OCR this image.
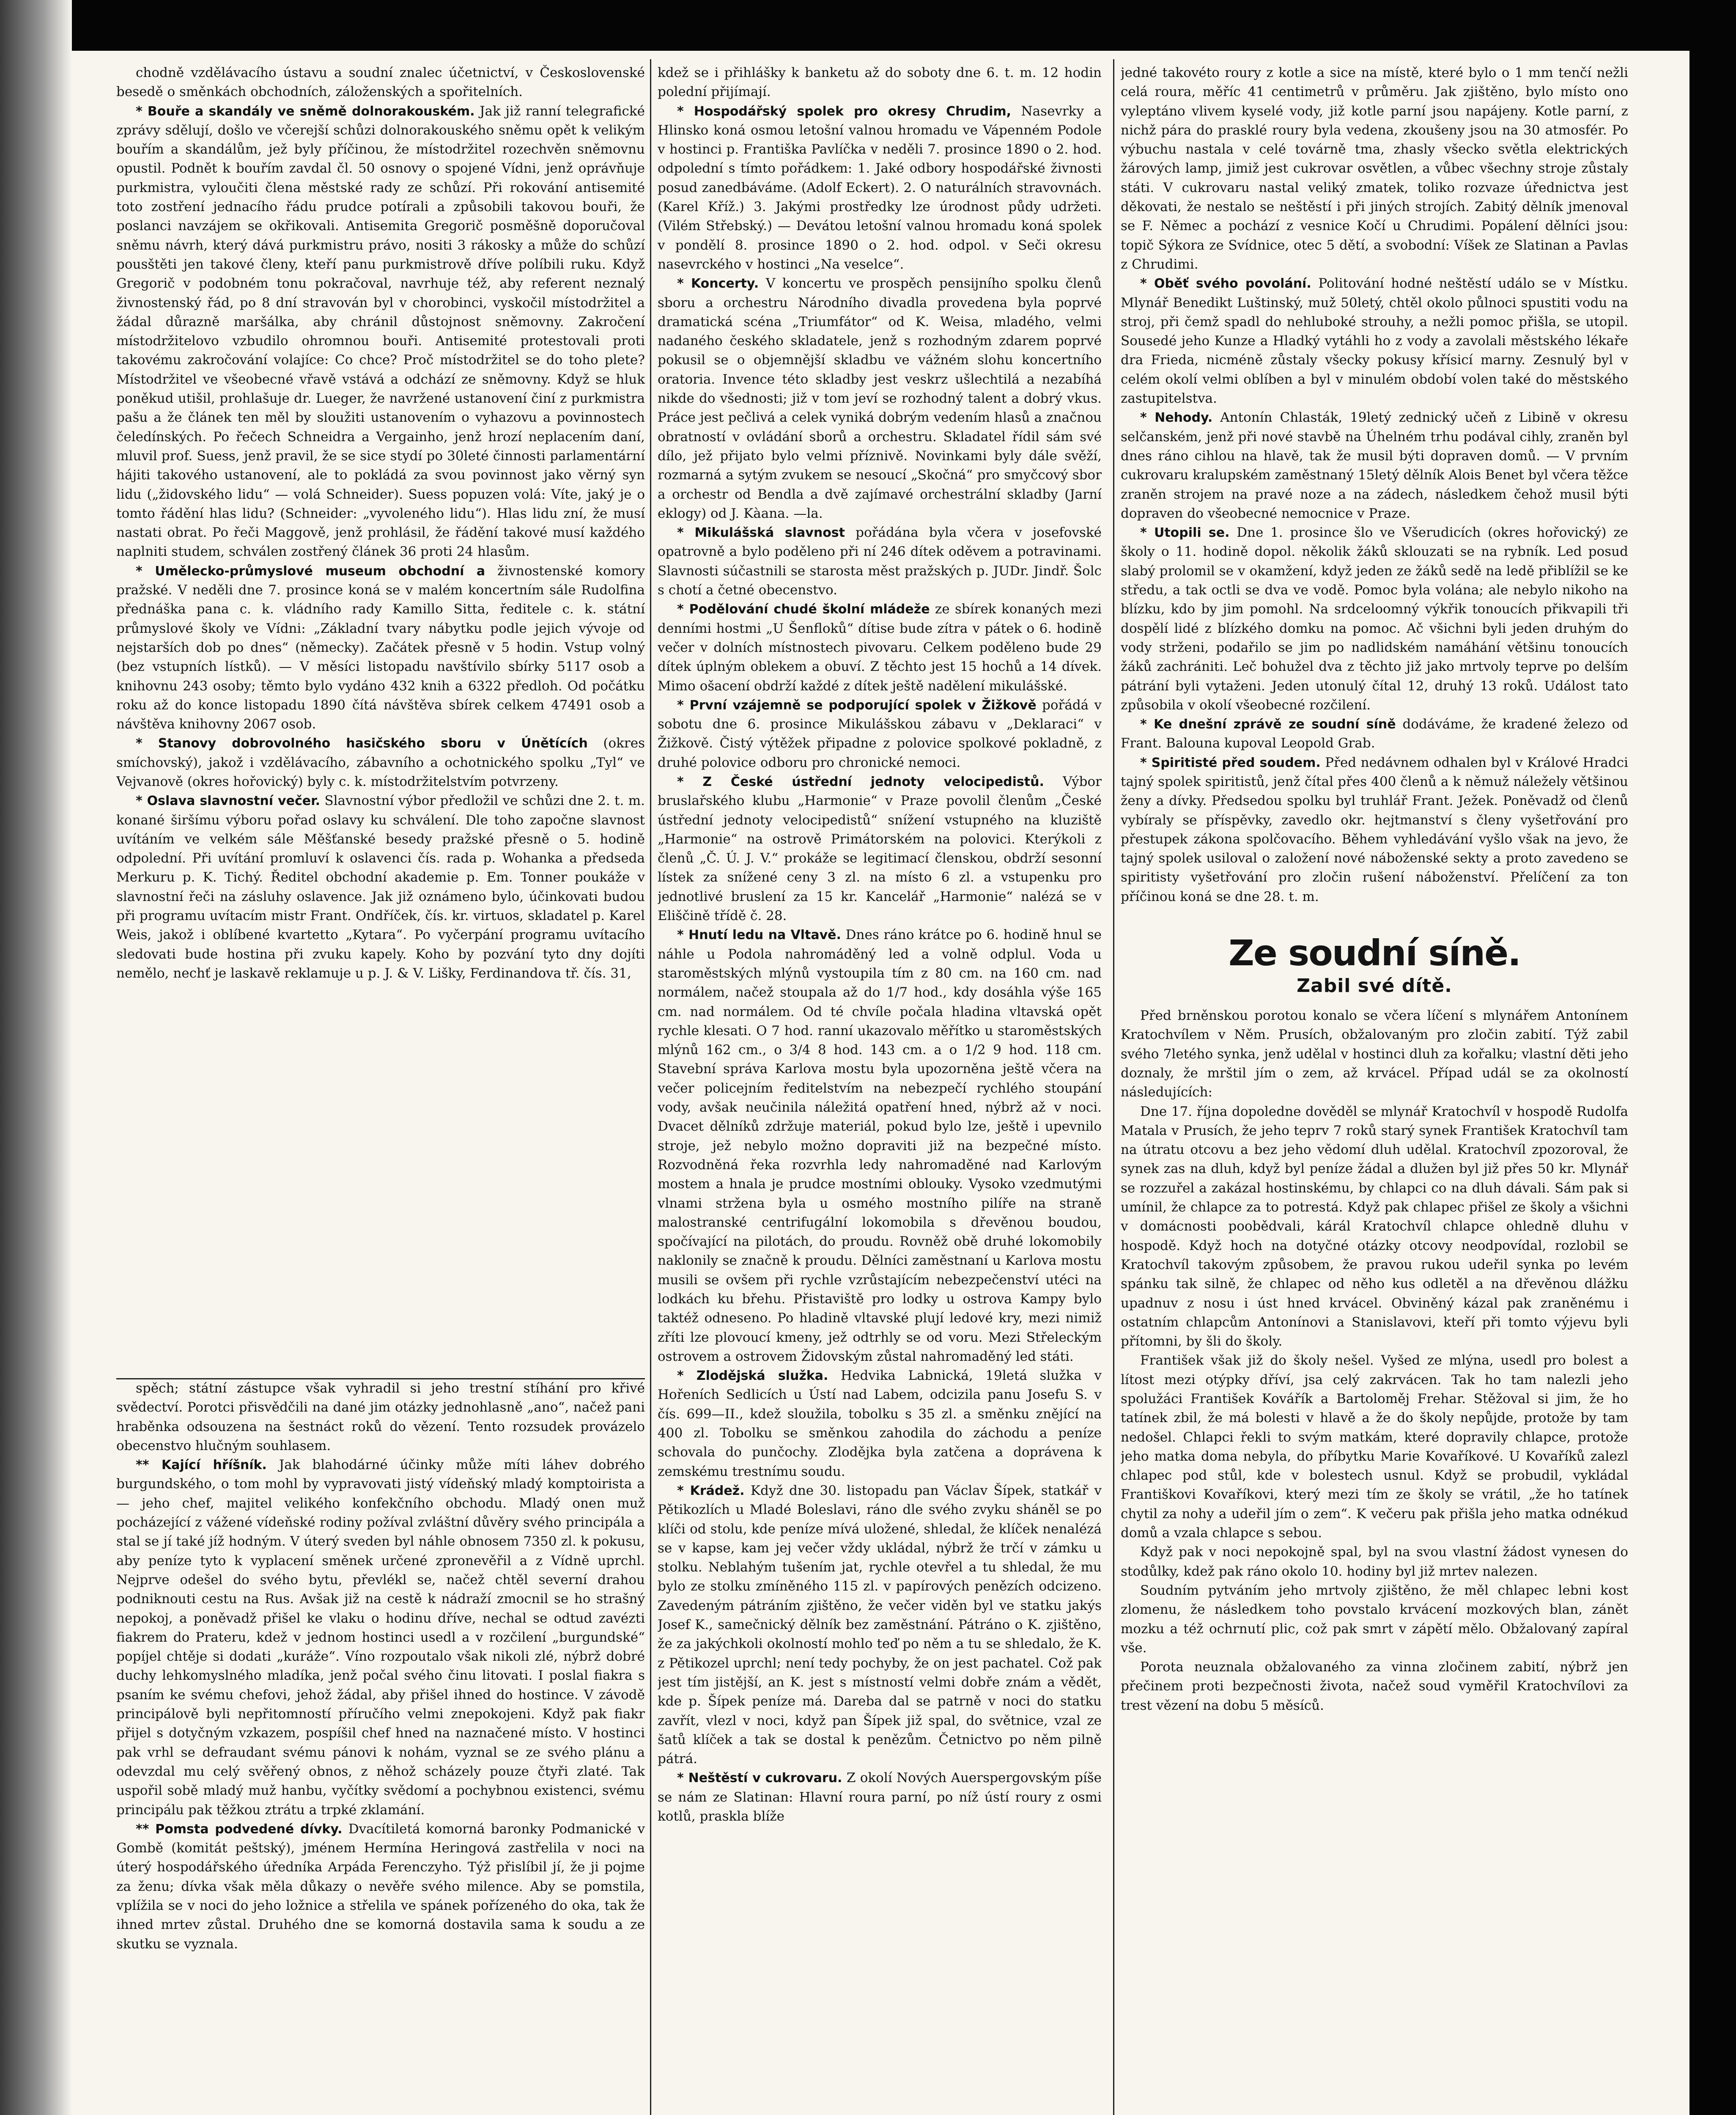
chodně vzdělávacího ústavu a soudní znalec účetnictví, v Československé besedě o směnkách obchodních, záloženských a spořitelních.

* Bouře a skandály ve sněmě dolnorakouském. Jak již ranní telegrafické zprávy sdělují, došlo ve včerejší schůzi dolnorakouského sněmu opět k velikým bouřím a skandálům, jež byly příčinou, že místodržitel rozechvěn sněmovnu opustil. Podnět k bouřím zavdal čl. 50 osnovy o spojené Vídni, jenž oprávňuje purkmistra, vyloučiti člena městské rady ze schůzí. Při rokování antisemité toto zostření jednacího řádu prudce potírali a způsobili takovou bouři, že poslanci navzájem se okřikovali. Antisemita Gregorič posměšně doporučoval sněmu návrh, který dává purkmistru právo, nositi 3 rákosky a může do schůzí pousštěti jen takové členy, kteří panu purkmistrově dříve políbili ruku. Když Gregorič v podobném tonu pokračoval, navrhuje též, aby referent neznalý živnostenský řád, po 8 dní stravován byl v chorobinci, vyskočil místodržitel a žádal důrazně maršálka, aby chránil důstojnost sněmovny. Zakročení místodržitelovo vzbudilo ohromnou bouři. Antisemité protestovali proti takovému zakročování volajíce: Co chce? Proč místodržitel se do toho plete? Místodržitel ve všeobecné vřavě vstává a odchází ze sněmovny. Když se hluk poněkud utišil, prohlašuje dr. Lueger, že navržené ustanovení činí z purkmistra pašu a že článek ten měl by sloužiti ustanovením o vyhazovu a povinnostech čeledínských. Po řečech Schneidra a Vergainho, jenž hrozí neplacením daní, mluvil prof. Suess, jenž pravil, že se sice stydí po 30leté činnosti parlamentární hájiti takového ustanovení, ale to pokládá za svou povinnost jako věrný syn lidu („židovského lidu“ — volá Schneider). Suess popuzen volá: Víte, jaký je o tomto řádění hlas lidu? (Schneider: „vyvoleného lidu“). Hlas lidu zní, že musí nastati obrat. Po řeči Maggově, jenž prohlásil, že řádění takové musí každého naplniti studem, schválen zostřený článek 36 proti 24 hlasům.

* Umělecko-průmyslové museum obchodní a živnostenské komory pražské. V neděli dne 7. prosince koná se v malém koncertním sále Rudolfina přednáška pana c. k. vládního rady Kamillo Sitta, ředitele c. k. státní průmyslové školy ve Vídni: „Základní tvary nábytku podle jejich vývoje od nejstarších dob po dnes“ (německy). Začátek přesně v 5 hodin. Vstup volný (bez vstupních lístků). — V měsíci listopadu navštívilo sbírky 5117 osob a knihovnu 243 osoby; těmto bylo vydáno 432 knih a 6322 předloh. Od počátku roku až do konce listopadu 1890 čítá návštěva sbírek celkem 47491 osob a návštěva knihovny 2067 osob.

* Stanovy dobrovolného hasičského sboru v Únětících (okres smíchovský), jakož i vzdělávacího, zábavního a ochotnického spolku „Tyl“ ve Vejvanově (okres hořovický) byly c. k. místodržitelstvím potvrzeny.

* Oslava slavnostní večer. Slavnostní výbor předložil ve schůzi dne 2. t. m. konané širšímu výboru pořad oslavy ku schválení. Dle toho započne slavnost uvítáním ve velkém sále Měšťanské besedy pražské přesně o 5. hodině odpolední. Při uvítání promluví k oslavenci čís. rada p. Wohanka a předseda Merkuru p. K. Tichý. Ředitel obchodní akademie p. Em. Tonner poukáže v slavnostní řeči na zásluhy oslavence. Jak již oznámeno bylo, účinkovati budou při programu uvítacím mistr Frant. Ondříček, čís. kr. virtuos, skladatel p. Karel Weis, jakož i oblíbené kvartetto „Kytara“. Po vyčerpání programu uvítacího sledovati bude hostina při zvuku kapely. Koho by pozvání tyto dny dojíti nemělo, nechť je laskavě reklamuje u p. J. & V. Lišky, Ferdinandova tř. čís. 31,

spěch; státní zástupce však vyhradil si jeho trestní stíhání pro křivé svědectví. Porotci přisvědčili na dané jim otázky jednohlasně „ano“, načež pani hraběnka odsouzena na šestnáct roků do vězení. Tento rozsudek provázelo obecenstvo hlučným souhlasem.

** Kající hříšník. Jak blahodárné účinky může míti láhev dobrého burgundského, o tom mohl by vypravovati jistý vídeňský mladý komptoirista a — jeho chef, majitel velikého konfekčního obchodu. Mladý onen muž pocházející z vážené vídeňské rodiny požíval zvláštní důvěry svého principála a stal se jí také jíž hodným. V úterý sveden byl náhle obnosem 7350 zl. k pokusu, aby peníze tyto k vyplacení směnek určené zpronevěřil a z Vídně uprchl. Nejprve odešel do svého bytu, převlékl se, načež chtěl severní drahou podniknouti cestu na Rus. Avšak již na cestě k nádraží zmocnil se ho strašný nepokoj, a poněvadž přišel ke vlaku o hodinu dříve, nechal se odtud zavézti fiakrem do Prateru, kdež v jednom hostinci usedl a v rozčilení „burgundské“ popíjel chtěje si dodati „kuráže“. Víno rozpoutalo však nikoli zlé, nýbrž dobré duchy lehkomyslného mladíka, jenž počal svého činu litovati. I poslal fiakra s psaním ke svému chefovi, jehož žádal, aby přišel ihned do hostince. V závodě principálově byli nepřitomností příručího velmi znepokojeni. Když pak fiakr přijel s dotyčným vzkazem, pospíšil chef hned na naznačené místo. V hostinci pak vrhl se defraudant svému pánovi k nohám, vyznal se ze svého plánu a odevzdal mu celý svěřený obnos, z něhož scházely pouze čtyři zlaté. Tak uspořil sobě mladý muž hanbu, vyčítky svědomí a pochybnou existenci, svému principálu pak těžkou ztrátu a trpké zklamání.

** Pomsta podvedené dívky. Dvacítiletá komorná baronky Podmanické v Gombě (komitát peštský), jménem Hermína Heringová zastřelila v noci na úterý hospodářského úředníka Arpáda Ferenczyho. Týž přislíbil jí, že ji pojme za ženu; dívka však měla důkazy o nevěře svého milence. Aby se pomstila, vplížila se v noci do jeho ložnice a střelila ve spánek pořízeného do oka, tak že ihned mrtev zůstal. Druhého dne se komorná dostavila sama k soudu a ze skutku se vyznala.

kdež se i přihlášky k banketu až do soboty dne 6. t. m. 12 hodin polední přijímají.

* Hospodářský spolek pro okresy Chrudim, Nasevrky a Hlinsko koná osmou letošní valnou hromadu ve Vápenném Podole v hostinci p. Františka Pavlíčka v neděli 7. prosince 1890 o 2. hod. odpolední s tímto pořádkem: 1. Jaké odbory hospodářské živnosti posud zanedbáváme. (Adolf Eckert). 2. O naturálních stravovnách. (Karel Kříž.) 3. Jakými prostředky lze úrodnost půdy udržeti. (Vilém Střebský.) — Devátou letošní valnou hromadu koná spolek v pondělí 8. prosince 1890 o 2. hod. odpol. v Seči okresu nasevrckého v hostinci „Na veselce“.

* Koncerty. V koncertu ve prospěch pensijního spolku členů sboru a orchestru Národního divadla provedena byla poprvé dramatická scéna „Triumfátor“ od K. Weisa, mladého, velmi nadaného českého skladatele, jenž s rozhodným zdarem poprvé pokusil se o objemnější skladbu ve vážném slohu koncertního oratoria. Invence této skladby jest veskrz ušlechtilá a nezabíhá nikde do všednosti; již v tom jeví se rozhodný talent a dobrý vkus. Práce jest pečlivá a celek vyniká dobrým vedením hlasů a značnou obratností v ovládání sborů a orchestru. Skladatel řídil sám své dílo, jež přijato bylo velmi příznivě. Novinkami byly dále svěží, rozmarná a sytým zvukem se nesoucí „Skočná“ pro smyčcový sbor a orchestr od Bendla a dvě zajímavé orchestrální skladby (Jarní eklogy) od J. Kàana. —la.

* Mikulášská slavnost pořádána byla včera v josefovské opatrovně a bylo poděleno při ní 246 dítek oděvem a potravinami. Slavnosti súčastnili se starosta měst pražských p. JUDr. Jindř. Šolc s chotí a četné obecenstvo.

* Podělování chudé školní mládeže ze sbírek konaných mezi denními hostmi „U Šenfloků“ dítise bude zítra v pátek o 6. hodině večer v dolních místnostech pivovaru. Celkem poděleno bude 29 dítek úplným oblekem a obuví. Z těchto jest 15 hochů a 14 dívek. Mimo ošacení obdrží každé z dítek ještě nadělení mikulášské.

* První vzájemně se podporující spolek v Žižkově pořádá v sobotu dne 6. prosince Mikulášskou zábavu v „Deklaraci“ v Žižkově. Čistý výtěžek připadne z polovice spolkové pokladně, z druhé polovice odboru pro chronické nemoci.

* Z České ústřední jednoty velocipedistů. Výbor bruslařského klubu „Harmonie“ v Praze povolil členům „České ústřední jednoty velocipedistů“ snížení vstupného na kluziště „Harmonie“ na ostrově Primátorském na polovici. Kterýkoli z členů „Č. Ú. J. V.“ prokáže se legitimací členskou, obdrží sesonní lístek za snížené ceny 3 zl. na místo 6 zl. a vstupenku pro jednotlivé bruslení za 15 kr. Kancelář „Harmonie“ nalézá se v Eliščině třídě č. 28.

* Hnutí ledu na Vltavě. Dnes ráno krátce po 6. hodině hnul se náhle u Podola nahromáděný led a volně odplul. Voda u staroměstských mlýnů vystoupila tím z 80 cm. na 160 cm. nad normálem, načež stoupala až do 1/7 hod., kdy dosáhla výše 165 cm. nad normálem. Od té chvíle počala hladina vltavská opět rychle klesati. O 7 hod. ranní ukazovalo měřítko u staroměstských mlýnů 162 cm., o 3/4 8 hod. 143 cm. a o 1/2 9 hod. 118 cm. Stavební správa Karlova mostu byla upozorněna ještě včera na večer policejním ředitelstvím na nebezpečí rychlého stoupání vody, avšak neučinila náležitá opatření hned, nýbrž až v noci. Dvacet dělníků zdržuje materiál, pokud bylo lze, ještě i upevnilo stroje, jež nebylo možno dopraviti již na bezpečné místo. Rozvodněná řeka rozvrhla ledy nahromaděné nad Karlovým mostem a hnala je prudce mostními oblouky. Vysoko vzedmutými vlnami stržena byla u osmého mostního pilíře na straně malostranské centrifugální lokomobila s dřevěnou boudou, spočívající na pilotách, do proudu. Rovněž obě druhé lokomobily naklonily se značně k proudu. Dělníci zaměstnaní u Karlova mostu musili se ovšem při rychle vzrůstajícím nebezpečenství utéci na lodkách ku břehu. Přistaviště pro lodky u ostrova Kampy bylo taktéž odneseno. Po hladině vltavské plují ledové kry, mezi nimiž zříti lze plovoucí kmeny, jež odtrhly se od voru. Mezi Střeleckým ostrovem a ostrovem Židovským zůstal nahromaděný led státi.

* Zlodějská služka. Hedvika Labnická, 19letá služka v Hořeních Sedlicích u Ústí nad Labem, odcizila panu Josefu S. v čís. 699—II., kdež sloužila, tobolku s 35 zl. a směnku znějící na 400 zl. Tobolku se směnkou zahodila do záchodu a peníze schovala do punčochy. Zlodějka byla zatčena a doprávena k zemskému trestnímu soudu.

* Krádež. Když dne 30. listopadu pan Václav Šípek, statkář v Pětikozlích u Mladé Boleslavi, ráno dle svého zvyku sháněl se po klíči od stolu, kde peníze mívá uložené, shledal, že klíček nenalézá se v kapse, kam jej večer vždy ukládal, nýbrž že trčí v zámku u stolku. Neblahým tušením jat, rychle otevřel a tu shledal, že mu bylo ze stolku zmíněného 115 zl. v papírových penězích odcizeno. Zavedeným pátráním zjištěno, že večer viděn byl ve statku jakýs Josef K., samečnický dělník bez zaměstnání. Pátráno o K. zjištěno, že za jakýchkoli okolností mohlo teď po něm a tu se shledalo, že K. z Pětikozel uprchl; není tedy pochyby, že on jest pachatel. Což pak jest tím jistější, an K. jest s místností velmi dobře znám a vědět, kde p. Šípek peníze má. Dareba dal se patrně v noci do statku zavřít, vlezl v noci, když pan Šípek již spal, do světnice, vzal ze šatů klíček a tak se dostal k penězům. Četnictvo po něm pilně pátrá.

* Neštěstí v cukrovaru. Z okolí Nových Auerspergovským píše se nám ze Slatinan: Hlavní roura parní, po níž ústí roury z osmi kotlů, praskla blíže

jedné takovéto roury z kotle a sice na místě, které bylo o 1 mm tenčí nežli celá roura, měříc 41 centimetrů v průměru. Jak zjištěno, bylo místo ono vyleptáno vlivem kyselé vody, již kotle parní jsou napájeny. Kotle parní, z nichž pára do prasklé roury byla vedena, zkoušeny jsou na 30 atmosfér. Po výbuchu nastala v celé továrně tma, zhasly všecko světla elektrických žárových lamp, jimiž jest cukrovar osvětlen, a vůbec všechny stroje zůstaly státi. V cukrovaru nastal veliký zmatek, toliko rozvaze úřednictva jest děkovati, že nestalo se neštěstí i při jiných strojích. Zabitý dělník jmenoval se F. Němec a pochází z vesnice Kočí u Chrudimi. Popálení dělníci jsou: topič Sýkora ze Svídnice, otec 5 dětí, a svobodní: Víšek ze Slatinan a Pavlas z Chrudimi.

* Oběť svého povolání. Politování hodné neštěstí událo se v Místku. Mlynář Benedikt Luštinský, muž 50letý, chtěl okolo půlnoci spustiti vodu na stroj, při čemž spadl do nehluboké strouhy, a nežli pomoc přišla, se utopil. Sousedé jeho Kunze a Hladký vytáhli ho z vody a zavolali městského lékaře dra Frieda, nicméně zůstaly všecky pokusy křísicí marny. Zesnulý byl v celém okolí velmi oblíben a byl v minulém období volen také do městského zastupitelstva.

* Nehody. Antonín Chlasták, 19letý zednický učeň z Libině v okresu selčanském, jenž při nové stavbě na Úhelném trhu podával cihly, zraněn byl dnes ráno cihlou na hlavě, tak že musil býti dopraven domů. — V prvním cukrovaru kralupském zaměstnaný 15letý dělník Alois Benet byl včera těžce zraněn strojem na pravé noze a na zádech, následkem čehož musil býti dopraven do všeobecné nemocnice v Praze.

* Utopili se. Dne 1. prosince šlo ve Všerudicích (okres hořovický) ze školy o 11. hodině dopol. několik žáků sklouzati se na rybník. Led posud slabý prolomil se v okamžení, když jeden ze žáků sedě na ledě přiblížil se ke středu, a tak octli se dva ve vodě. Pomoc byla volána; ale nebylo nikoho na blízku, kdo by jim pomohl. Na srdceloomný výkřik tonoucích přikvapili tři dospělí lidé z blízkého domku na pomoc. Ač všichni byli jeden druhým do vody strženi, podařilo se jim po nadlidském namáhání většinu tonoucích žáků zachrániti. Leč bohužel dva z těchto již jako mrtvoly teprve po delším pátrání byli vytaženi. Jeden utonulý čítal 12, druhý 13 roků. Událost tato způsobila v okolí všeobecné rozčilení.

* Ke dnešní zprávě ze soudní síně dodáváme, že kradené železo od Frant. Balouna kupoval Leopold Grab.

* Spiritisté před soudem. Před nedávnem odhalen byl v Králové Hradci tajný spolek spiritistů, jenž čítal přes 400 členů a k němuž náležely většinou ženy a dívky. Předsedou spolku byl truhlář Frant. Ježek. Poněvadž od členů vybíraly se příspěvky, zavedlo okr. hejtmanství s členy vyšetřování pro přestupek zákona spolčovacího. Během vyhledávání vyšlo však na jevo, že tajný spolek usiloval o založení nové náboženské sekty a proto zavedeno se spiritisty vyšetřování pro zločin rušení náboženství. Přelíčení za ton příčinou koná se dne 28. t. m.

Ze soudní síně.
Zabil své dítě.

Před brněnskou porotou konalo se včera líčení s mlynářem Antonínem Kratochvílem v Něm. Prusích, obžalovaným pro zločin zabití. Týž zabil svého 7letého synka, jenž udělal v hostinci dluh za kořalku; vlastní děti jeho doznaly, že mrštil jím o zem, až krvácel. Případ udál se za okolností následujících:

Dne 17. října dopoledne dověděl se mlynář Kratochvíl v hospodě Rudolfa Matala v Prusích, že jeho teprv 7 roků starý synek František Kratochvíl tam na útratu otcovu a bez jeho vědomí dluh udělal. Kratochvíl zpozoroval, že synek zas na dluh, když byl peníze žádal a dlužen byl již přes 50 kr. Mlynář se rozzuřel a zakázal hostinskému, by chlapci co na dluh dávali. Sám pak si umínil, že chlapce za to potrestá. Když pak chlapec přišel ze školy a všichni v domácnosti poobědvali, kárál Kratochvíl chlapce ohledně dluhu v hospodě. Když hoch na dotyčné otázky otcovy neodpovídal, rozlobil se Kratochvíl takovým způsobem, že pravou rukou udeřil synka po levém spánku tak silně, že chlapec od něho kus odletěl a na dřevěnou dlážku upadnuv z nosu i úst hned krvácel. Obviněný kázal pak zraněnému i ostatním chlapcům Antonínovi a Stanislavovi, kteří při tomto výjevu byli přítomni, by šli do školy.

František však již do školy nešel. Vyšed ze mlýna, usedl pro bolest a lítost mezi otýpky dříví, jsa celý zakrvácen. Tak ho tam nalezli jeho spolužáci František Kovářík a Bartoloměj Frehar. Stěžoval si jim, že ho tatínek zbil, že má bolesti v hlavě a že do školy nepůjde, protože by tam nedošel. Chlapci řekli to svým matkám, které dopravily chlapce, protože jeho matka doma nebyla, do příbytku Marie Kovaříkové. U Kovaříků zalezl chlapec pod stůl, kde v bolestech usnul. Když se probudil, vykládal Františkovi Kovaříkovi, který mezi tím ze školy se vrátil, „že ho tatínek chytil za nohy a udeřil jím o zem“. K večeru pak přišla jeho matka odnékud domů a vzala chlapce s sebou.

Když pak v noci nepokojně spal, byl na svou vlastní žádost vynesen do stodůlky, kdež pak ráno okolo 10. hodiny byl již mrtev nalezen.

Soudním pytváním jeho mrtvoly zjištěno, že měl chlapec lebni kost zlomenu, že následkem toho povstalo krvácení mozkových blan, zánět mozku a též ochrnutí plic, což pak smrt v zápětí mělo. Obžalovaný zapíral vše.

Porota neuznala obžalovaného za vinna zločinem zabití, nýbrž jen přečinem proti bezpečnosti života, načež soud vyměřil Kratochvílovi za trest vězení na dobu 5 měsíců.
